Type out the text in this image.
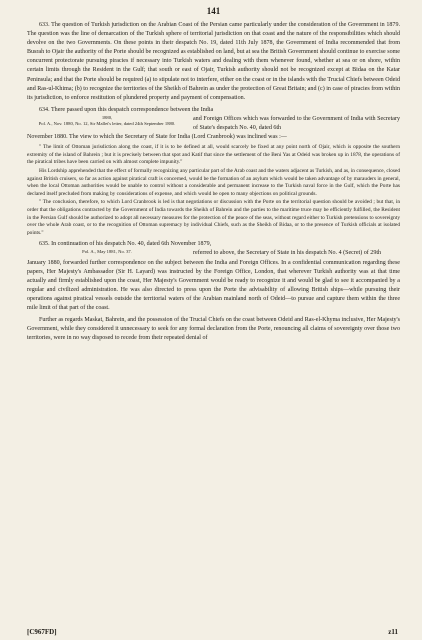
141

633. The question of Turkish jurisdiction on the Arabian Coast of the Persian came particularly under the consideration of the Government in 1879. The question was the line of demarcation of the Turkish sphere of territorial jurisdiction on that coast and the nature of the responsibilities which should devolve on the two Governments. On these points in their despatch No. 19, dated 11th July 1878, the Government of India recommended that from Busrah to Ojair the authority of the Porte should be recognized as established on land, but at sea the British Government should continue to exercise some concurrent protectorate pursuing piracies if necessary into Turkish waters and dealing with them whenever found, whether at sea or on shore, within certain limits through the Resident in the Gulf; that south or east of Ojair, Turkish authority should not be recognized except at Bidaa on the Katar Peninsula; and that the Porte should be required (a) to stipulate not to interfere, either on the coast or in the islands with the Trucial Chiefs between Odeid and Ras-ul-Khima; (b) to recognize the territories of the Sheikh of Bahrein as under the protection of Great Britain; and (c) in case of piracies from within its jurisdiction, to enforce restitution of plundered property and payment of compensation.

634. There passed upon this despatch correspondence between the India

1880,
Pol. A., Nov. 1880, No. 12, Sir Mallet's letter, dated 24th September 1880.

and Foreign Offices which was forwarded to the Government of India with Secretary of State's despatch No. 40, dated 6th

November 1880. The view to which the Secretary of State for India (Lord Cranbrook) was inclined was :—

" The limit of Ottoman jurisdiction along the coast, if it is to be defined at all, would scarcely be fixed at any point north of Ojair, which is opposite the southern extremity of the island of Bahrein ; but it is precisely between that spot and Katif that since the settlement of the Beni Yas at Odeid was broken up in 1878, the operations of the piratical tribes have been carried on with almost complete impunity."

His Lordship apprehended that the effect of formally recognizing any particular part of the Arab coast and the waters adjacent as Turkish, and as, in consequence, closed against British cruisers, so far as action against piratical craft is concerned, would be the formation of an asylum which would be taken advantage of by marauders in general, when the local Ottoman authorities would be unable to control without a considerable and permanent increase to the Turkish naval force in the Gulf, which the Porte has declared itself precluded from making by considerations of expense, and which would be open to many objections on political grounds.

" The conclusion, therefore, to which Lord Cranbrook is led is that negotiations or discussion with the Porte on the territorial question should be avoided ; but that, in order that the obligations contracted by the Government of India towards the Sheikh of Bahrein and the parties to the maritime truce may be efficiently fulfilled, the Resident in the Persian Gulf should be authorized to adopt all necessary measures for the protection of the peace of the seas, without regard either to Turkish pretensions to sovereignty over the whole Arab coast, or to the recognition of Ottoman supremacy by individual Chiefs, such as the Sheikh of Bidaa, or to the presence of Turkish officials at isolated points."

635. In continuation of his despatch No. 40, dated 6th November 1879,

Pol. A., May 1881, No. 37.	referred to above, the Secretary of State in his despatch No. 4 (Secret) of 29th

January 1880, forwarded further correspondence on the subject between the India and Foreign Offices. In a confidential communication regarding these papers, Her Majesty's Ambassador (Sir H. Layard) was instructed by the Foreign Office, London, that wherever Turkish authority was at that time actually and firmly established upon the coast, Her Majesty's Government would be ready to recognize it and would be glad to see it accompanied by a regular and civilized administration. He was also directed to press upon the Porte the advisability of allowing British ships—while pursuing their operations against piratical vessels outside the territorial waters of the Arabian mainland north of Odeid—to pursue and capture them within the three mile limit of that part of the coast.

Further as regards Maskat, Bahrein, and the possession of the Trucial Chiefs on the coast between Odeid and Ras-el-Khyma inclusive, Her Majesty's Government, while they considered it unnecessary to seek for any formal declaration from the Porte, renouncing all claims of sovereignty over those two territories, were in no way disposed to recede from their repeated denial of

[C967FD]	z11
